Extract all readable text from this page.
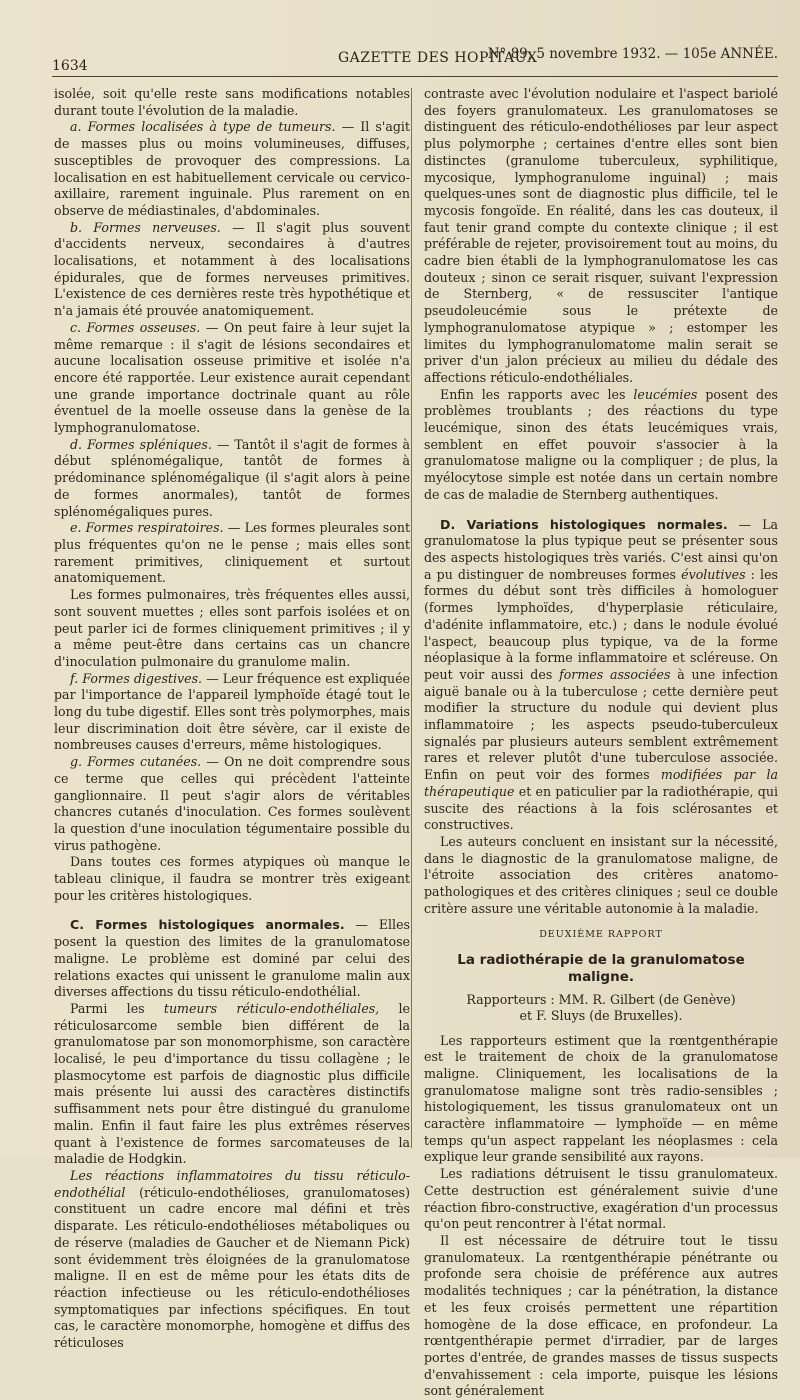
1634	GAZETTE DES HOPITAUX
N° 89, 5 novembre 1932. — 105e ANNÉE.

isolée, soit qu'elle reste sans modifications notables durant toute l'évolution de la maladie.

a. Formes localisées à type de tumeurs. — Il s'agit de masses plus ou moins volumineuses, diffuses, susceptibles de provoquer des compressions. La localisation en est habituellement cervicale ou cervico-axillaire, rarement inguinale. Plus rarement on en observe de médiastinales, d'abdominales.

b. Formes nerveuses. — Il s'agit plus souvent d'accidents nerveux, secondaires à d'autres localisations, et notamment à des localisations épidurales, que de formes nerveuses primitives. L'existence de ces dernières reste très hypothétique et n'a jamais été prouvée anatomiquement.

c. Formes osseuses. — On peut faire à leur sujet la même remarque : il s'agit de lésions secondaires et aucune localisation osseuse primitive et isolée n'a encore été rapportée. Leur existence aurait cependant une grande importance doctrinale quant au rôle éventuel de la moelle osseuse dans la genèse de la lymphogranulomatose.

d. Formes spléniques. — Tantôt il s'agit de formes à début splénomégalique, tantôt de formes à prédominance splénomégalique (il s'agit alors à peine de formes anormales), tantôt de formes splénomégaliques pures.

e. Formes respiratoires. — Les formes pleurales sont plus fréquentes qu'on ne le pense ; mais elles sont rarement primitives, cliniquement et surtout anatomiquement.

Les formes pulmonaires, très fréquentes elles aussi, sont souvent muettes ; elles sont parfois isolées et on peut parler ici de formes cliniquement primitives ; il y a même peut-être dans certains cas un chancre d'inoculation pulmonaire du granulome malin.

f. Formes digestives. — Leur fréquence est expliquée par l'importance de l'appareil lymphoïde étagé tout le long du tube digestif. Elles sont très polymorphes, mais leur discrimination doit être sévère, car il existe de nombreuses causes d'erreurs, même histologiques.

g. Formes cutanées. — On ne doit comprendre sous ce terme que celles qui précèdent l'atteinte ganglionnaire. Il peut s'agir alors de véritables chancres cutanés d'inoculation. Ces formes soulèvent la question d'une inoculation tégumentaire possible du virus pathogène.

Dans toutes ces formes atypiques où manque le tableau clinique, il faudra se montrer très exigeant pour les critères histologiques.

C. Formes histologiques anormales. — Elles posent la question des limites de la granulomatose maligne. Le problème est dominé par celui des relations exactes qui unissent le granulome malin aux diverses affections du tissu réticulo-endothélial.

Parmi les tumeurs réticulo-endothéliales, le réticulosarcome semble bien différent de la granulomatose par son monomorphisme, son caractère localisé, le peu d'importance du tissu collagène ; le plasmocytome est parfois de diagnostic plus difficile mais présente lui aussi des caractères distinctifs suffisamment nets pour être distingué du granulome malin. Enfin il faut faire les plus extrêmes réserves quant à l'existence de formes sarcomateuses de la maladie de Hodgkin.

Les réactions inflammatoires du tissu réticulo-endothélial (réticulo-endothélioses, granulomatoses) constituent un cadre encore mal défini et très disparate. Les réticulo-endothélioses métaboliques ou de réserve (maladies de Gaucher et de Niemann Pick) sont évidemment très éloignées de la granulomatose maligne. Il en est de même pour les états dits de réaction infectieuse ou les réticulo-endothélioses symptomatiques par infections spécifiques. En tout cas, le caractère monomorphe, homogène et diffus des réticuloses

contraste avec l'évolution nodulaire et l'aspect bariolé des foyers granulomateux. Les granulomatoses se distinguent des réticulo-endothélioses par leur aspect plus polymorphe ; certaines d'entre elles sont bien distinctes (granulome tuberculeux, syphilitique, mycosique, lymphogranulome inguinal) ; mais quelques-unes sont de diagnostic plus difficile, tel le mycosis fongoïde. En réalité, dans les cas douteux, il faut tenir grand compte du contexte clinique ; il est préférable de rejeter, provisoirement tout au moins, du cadre bien établi de la lymphogranulomatose les cas douteux ; sinon ce serait risquer, suivant l'expression de Sternberg, « de ressusciter l'antique pseudoleucémie sous le prétexte de lymphogranulomatose atypique » ; estomper les limites du lymphogranulomatome malin serait se priver d'un jalon précieux au milieu du dédale des affections réticulo-endothéliales.

Enfin les rapports avec les leucémies posent des problèmes troublants ; des réactions du type leucémique, sinon des états leucémiques vrais, semblent en effet pouvoir s'associer à la granulomatose maligne ou la compliquer ; de plus, la myélocytose simple est notée dans un certain nombre de cas de maladie de Sternberg authentiques.

D. Variations histologiques normales. — La granulomatose la plus typique peut se présenter sous des aspects histologiques très variés. C'est ainsi qu'on a pu distinguer de nombreuses formes évolutives : les formes du début sont très difficiles à homologuer (formes lymphoïdes, d'hyperplasie réticulaire, d'adénite inflammatoire, etc.) ; dans le nodule évolué l'aspect, beaucoup plus typique, va de la forme néoplasique à la forme inflammatoire et scléreuse. On peut voir aussi des formes associées à une infection aiguë banale ou à la tuberculose ; cette dernière peut modifier la structure du nodule qui devient plus inflammatoire ; les aspects pseudo-tuberculeux signalés par plusieurs auteurs semblent extrêmement rares et relever plutôt d'une tuberculose associée. Enfin on peut voir des formes modifiées par la thérapeutique et en paticulier par la radiothérapie, qui suscite des réactions à la fois sclérosantes et constructives.

Les auteurs concluent en insistant sur la nécessité, dans le diagnostic de la granulomatose maligne, de l'étroite association des critères anatomo-pathologiques et des critères cliniques ; seul ce double critère assure une véritable autonomie à la maladie.

DEUXIÈME RAPPORT
La radiothérapie de la granulomatose maligne.
Rapporteurs : MM. R. Gilbert (de Genève)
et F. Sluys (de Bruxelles).

Les rapporteurs estiment que la rœntgenthérapie est le traitement de choix de la granulomatose maligne. Cliniquement, les localisations de la granulomatose maligne sont très radio-sensibles ; histologiquement, les tissus granulomateux ont un caractère inflammatoire — lymphoïde — en même temps qu'un aspect rappelant les néoplasmes : cela explique leur grande sensibilité aux rayons.

Les radiations détruisent le tissu granulomateux. Cette destruction est généralement suivie d'une réaction fibro-constructive, exagération d'un processus qu'on peut rencontrer à l'état normal.

Il est nécessaire de détruire tout le tissu granulomateux. La rœntgenthérapie pénétrante ou profonde sera choisie de préférence aux autres modalités techniques ; car la pénétration, la distance et les feux croisés permettent une répartition homogène de la dose efficace, en profondeur. La rœntgenthérapie permet d'irradier, par de larges portes d'entrée, de grandes masses de tissus suspects d'envahissement : cela importe, puisque les lésions sont généralement
